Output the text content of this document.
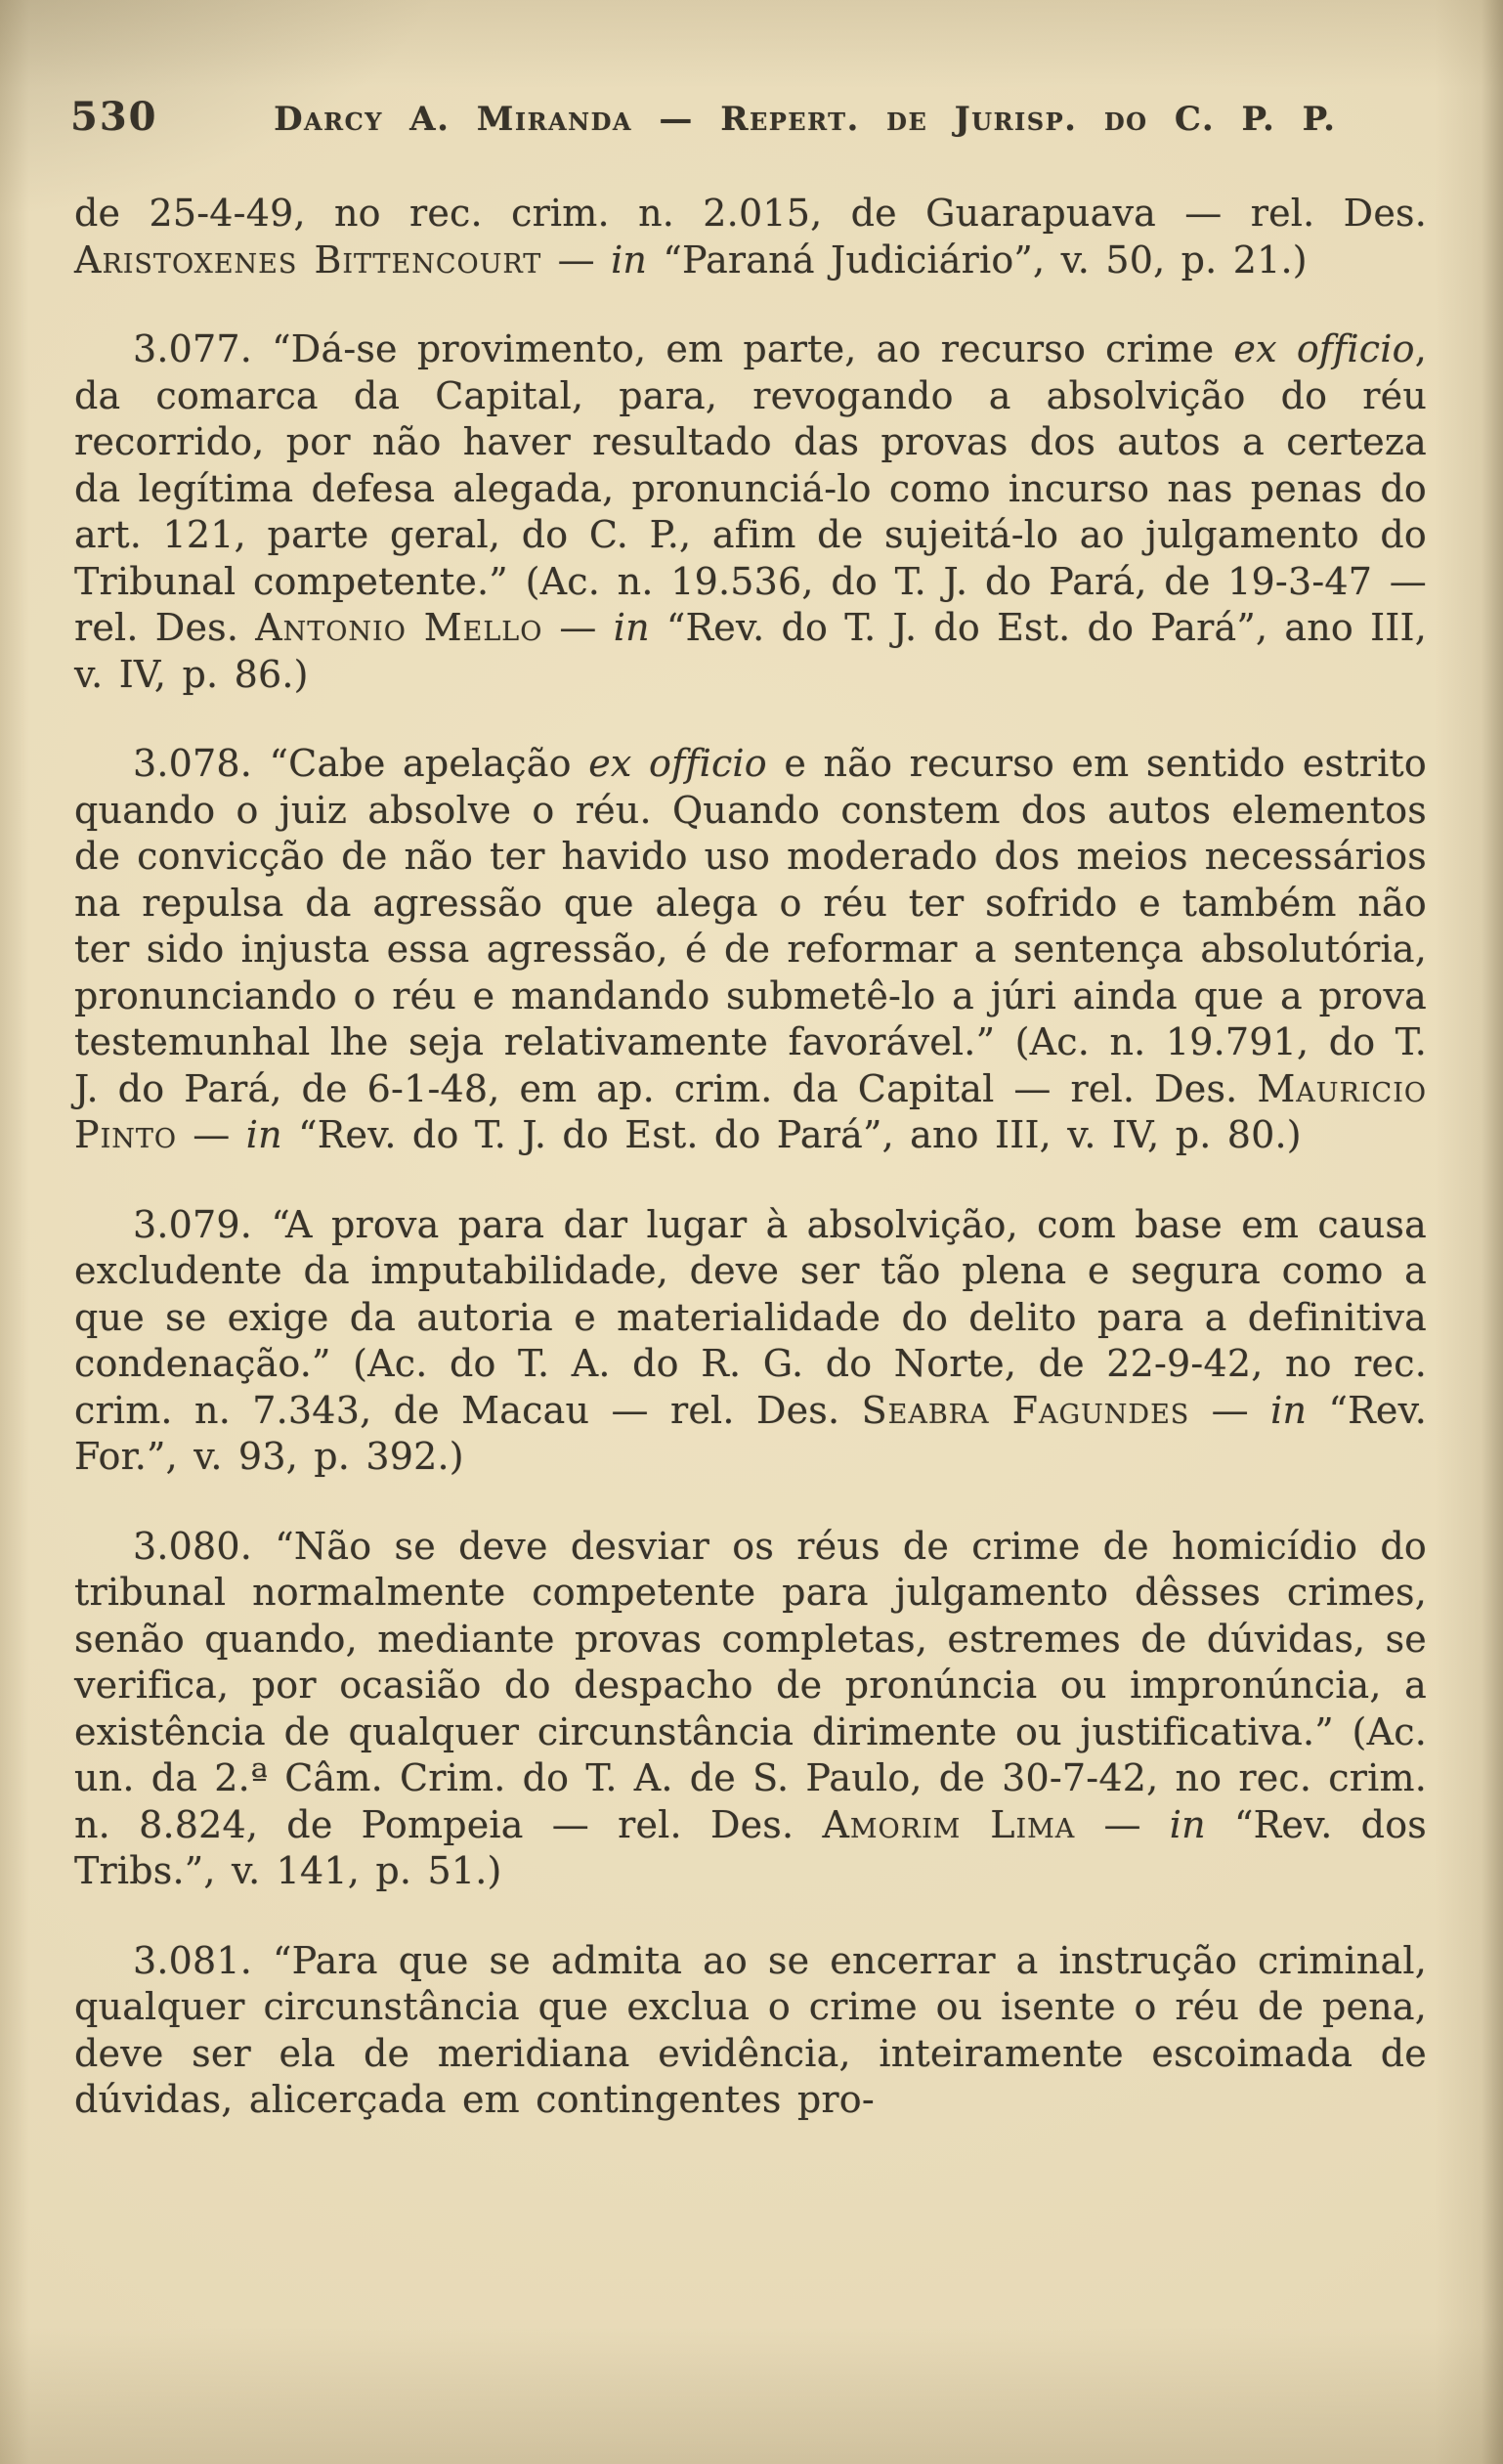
530	Darcy A. Miranda — Repert. de Jurisp. do C. P. P.

de 25-4-49, no rec. crim. n. 2.015, de Guarapuava — rel. Des. Aristoxenes Bittencourt — in “Paraná Judiciário”, v. 50, p. 21.)

3.077. “Dá-se provimento, em parte, ao recurso crime ex officio, da comarca da Capital, para, revogando a absolvição do réu recorrido, por não haver resultado das provas dos autos a certeza da legítima defesa alegada, pronunciá-lo como incurso nas penas do art. 121, parte geral, do C. P., afim de sujeitá-lo ao julgamento do Tribunal competente.” (Ac. n. 19.536, do T. J. do Pará, de 19-3-47 — rel. Des. Antonio Mello — in “Rev. do T. J. do Est. do Pará”, ano III, v. IV, p. 86.)

3.078. “Cabe apelação ex officio e não recurso em sentido estrito quando o juiz absolve o réu. Quando constem dos autos elementos de convicção de não ter havido uso moderado dos meios necessários na repulsa da agressão que alega o réu ter sofrido e também não ter sido injusta essa agressão, é de reformar a sentença absolutória, pronunciando o réu e mandando submetê-lo a júri ainda que a prova testemunhal lhe seja relativamente favorável.” (Ac. n. 19.791, do T. J. do Pará, de 6-1-48, em ap. crim. da Capital — rel. Des. Mauricio Pinto — in “Rev. do T. J. do Est. do Pará”, ano III, v. IV, p. 80.)

3.079. “A prova para dar lugar à absolvição, com base em causa excludente da imputabilidade, deve ser tão plena e segura como a que se exige da autoria e materialidade do delito para a definitiva condenação.” (Ac. do T. A. do R. G. do Norte, de 22-9-42, no rec. crim. n. 7.343, de Macau — rel. Des. Seabra Fagundes — in “Rev. For.”, v. 93, p. 392.)

3.080. “Não se deve desviar os réus de crime de homicídio do tribunal normalmente competente para julgamento dêsses crimes, senão quando, mediante provas completas, estremes de dúvidas, se verifica, por ocasião do despacho de pronúncia ou impronúncia, a existência de qualquer circunstância dirimente ou justificativa.” (Ac. un. da 2.ª Câm. Crim. do T. A. de S. Paulo, de 30-7-42, no rec. crim. n. 8.824, de Pompeia — rel. Des. Amorim Lima — in “Rev. dos Tribs.”, v. 141, p. 51.)

3.081. “Para que se admita ao se encerrar a instrução criminal, qualquer circunstância que exclua o crime ou isente o réu de pena, deve ser ela de meridiana evidência, inteiramente escoimada de dúvidas, alicerçada em contingentes pro-
